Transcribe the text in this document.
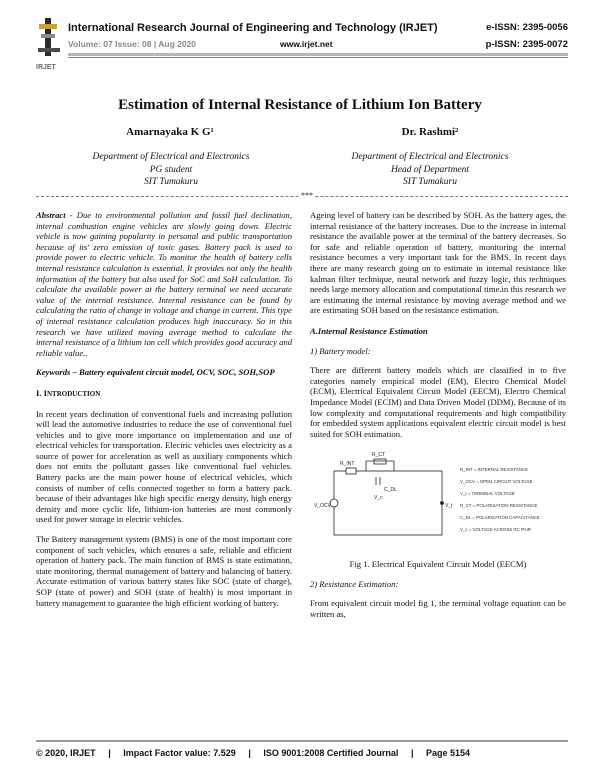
IRJET
International Research Journal of Engineering and Technology (IRJET)	e-ISSN: 2395-0056
Volume: 07 Issue: 08 | Aug 2020	www.irjet.net	p-ISSN: 2395-0072
Estimation of Internal Resistance of Lithium Ion Battery
Amarnayaka K G¹	Dr. Rashmi²
Department of Electrical and Electronics
PG student
SIT Tumakuru
Department of Electrical and Electronics
Head of Department
SIT Tumakuru
***
Abstract - Due to environmental pollution and fossil fuel declination, internal combustion engine vehicles are slowly going down. Electric vehicle is now gaining popularity in personal and public transportation because of its' zero emission of toxic gases. Battery pack is used to provide power to electric vehicle. To monitor the health of battery cells internal resistance calculation is essential. It provides not only the health information of the battery but also used for SoC and SoH calculation. To calculate the available power at the battery terminal we need accurate value of the internal resistance. Internal resistance can be found by calculating the ratio of change in voltage and change in current. This type of internal resistance calculation produces high inaccuracy. So in this research we have utilized moving average method to calculate the internal resistance of a lithium ion cell which provides good accuracy and reliable value..
Keywords – Battery equivalent circuit model, OCV, SOC, SOH,SOP
I. INTRODUCTION
In recent years declination of conventional fuels and increasing pollution will lead the automotive industries to reduce the use of conventional fuel vehicles and to give more importance on implementation and use of electrical vehicles for transportation. Electric vehicles uses electricity as a source of power for acceleration as well as auxiliary components which does not emits the pollutant gasses like conventional fuel vehicles. Battery packs are the main power house of electrical vehicles, which consists of number of cells connected together to form a battery pack. because of their advantages like high specific energy density, high energy density and more cyclic life, lithium-ion batteries are most commonly used for power storage in electric vehicles.
The Battery management system (BMS) is one of the most important core component of such vehicles, which ensures a safe, reliable and efficient operation of battery pack. The main function of BMS is state estimation, state monitoring, thermal management of battery and balancing of battery. Accurate estimation of various battery states like SOC (state of charge), SOP (state of power) and SOH (state of health) is most important in battery management to guarantee the high efficient working of battery.
Ageing level of battery can be described by SOH. As the battery ages, the internal resistance of the battery increases. Due to the increase in internal resistance the available power at the terminal of the battery decreases. So for safe and reliable operation of battery, monitoring the internal resistance becomes a very important task for the BMS. In recent days there are many research going on to estimate in internal resistance like kalman filter technique, neural network and fuzzy logic, this techniques needs large memory allocation and computational time.in this research we are estimating the internal resistance by moving average method and we are estimating SOH based on the resistance estimation.
A.Internal Resistance Estimation
1) Battery model:
There are different battery models which are classified in to five categories namely empirical model (EM), Electro Chemical Model (ECM), Electrical Equivalent Circuit Model (EECM), Electro Chemical Impedance Model (ECIM) and Data Driven Model (DDM). Because of its low complexity and computational requirements and high compatibility for embedded system applications equivalent electric circuit model is best suited for SOH estimation.
R_INT
R_CT
C_DL
V_OCV	V_t
V_c
R_INT = INTERNAL RESISTANCE
V_OCV = OPEN CIRCUIT VOLTAGE
V_t = TERMINAL VOLTAGE
R_CT = POLARISATION RESISTANCE
C_DL = POLARIZATION CAPACITANCE
V_c = VOLTAGE ACROSS RC PAIR
Fig 1. Electrical Equivalent Circuit Model (EECM)
2) Resistance Estimation:
From equivalent circuit model fig 1, the terminal voltage equation can be written as,
© 2020, IRJET | Impact Factor value: 7.529 | ISO 9001:2008 Certified Journal | Page 5154
